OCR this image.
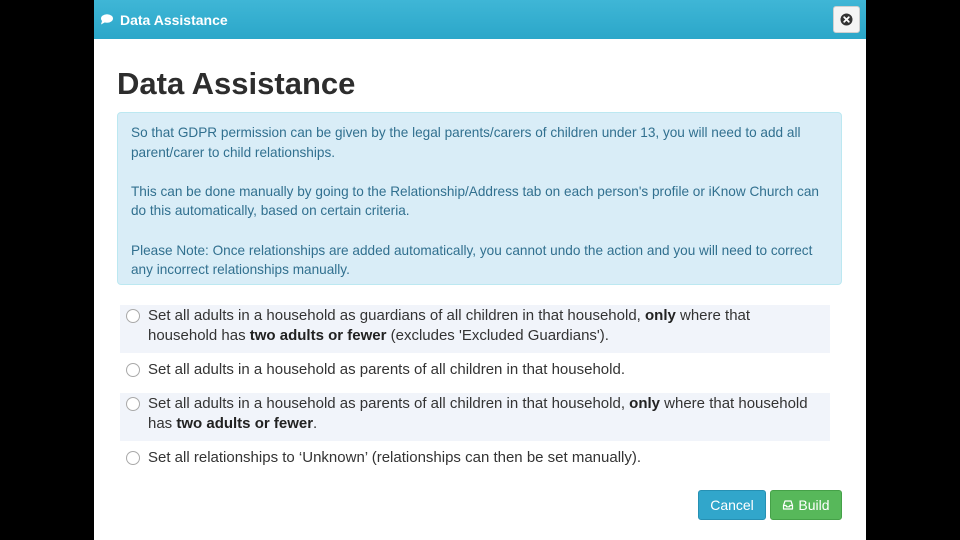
Data Assistance
Data Assistance

So that GDPR permission can be given by the legal parents/carers of children under 13, you will need to add all parent/carer to child relationships.

This can be done manually by going to the Relationship/Address tab on each person's profile or iKnow Church can do this automatically, based on certain criteria.

Please Note: Once relationships are added automatically, you cannot undo the action and you will need to correct any incorrect relationships manually.

Set all adults in a household as guardians of all children in that household, only where that household has two adults or fewer (excludes 'Excluded Guardians').
Set all adults in a household as parents of all children in that household.
Set all adults in a household as parents of all children in that household, only where that household has two adults or fewer.
Set all relationships to ‘Unknown’ (relationships can then be set manually).
Cancel	Build
